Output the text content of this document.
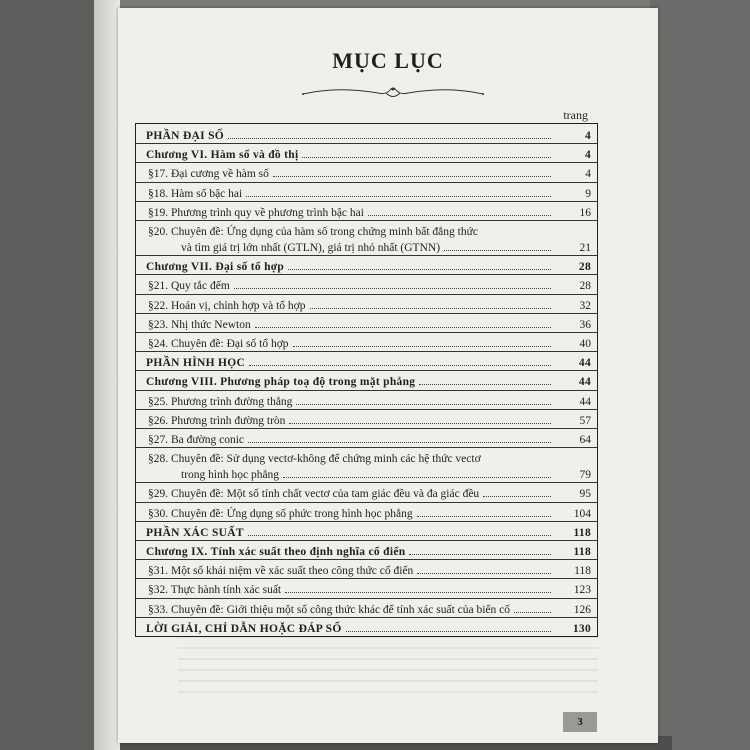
MỤC LỤC
trang
PHẦN ĐẠI SỐ	4
Chương VI. Hàm số và đồ thị	4
§17. Đại cương về hàm số	4
§18. Hàm số bậc hai	9
§19. Phương trình quy về phương trình bậc hai	16
§20. Chuyên đề: Ứng dụng của hàm số trong chứng minh bất đẳng thức
và tìm giá trị lớn nhất (GTLN), giá trị nhỏ nhất (GTNN)	21
Chương VII. Đại số tổ hợp	28
§21. Quy tắc đếm	28
§22. Hoán vị, chỉnh hợp và tổ hợp	32
§23. Nhị thức Newton	36
§24. Chuyên đề: Đại số tổ hợp	40
PHẦN HÌNH HỌC	44
Chương VIII. Phương pháp toạ độ trong mặt phẳng	44
§25. Phương trình đường thẳng	44
§26. Phương trình đường tròn	57
§27. Ba đường conic	64
§28. Chuyên đề: Sử dụng vectơ-không để chứng minh các hệ thức vectơ
trong hình học phẳng	79
§29. Chuyên đề: Một số tính chất vectơ của tam giác đều và đa giác đều	95
§30. Chuyên đề: Ứng dụng số phức trong hình học phẳng	104
PHẦN XÁC SUẤT	118
Chương IX. Tính xác suất theo định nghĩa cổ điển	118
§31. Một số khái niệm về xác suất theo công thức cổ điển	118
§32. Thực hành tính xác suất	123
§33. Chuyên đề: Giới thiệu một số công thức khác để tính xác suất của biến cố	126
LỜI GIẢI, CHỈ DẪN HOẶC ĐÁP SỐ	130
3
